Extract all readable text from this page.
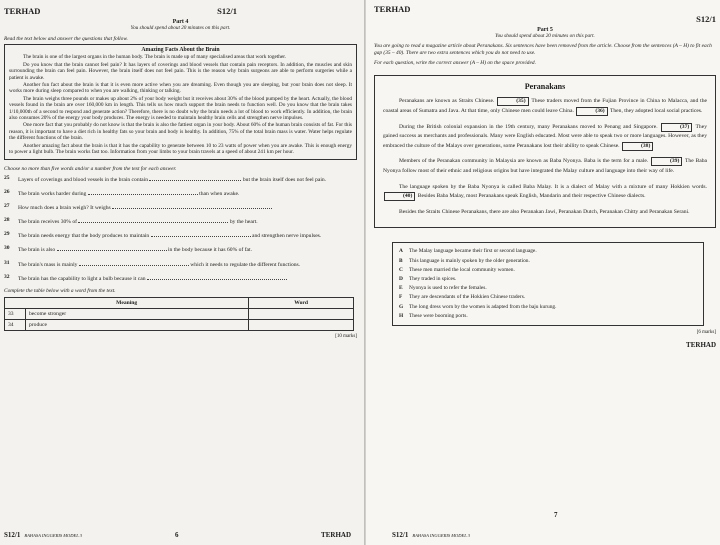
TERHAD	S12/1
Part 4
You should spend about 20 minutes on this part.
Read the text below and answer the questions that follow.
Amazing Facts About the Brain

The brain is one of the largest organs in the human body. The brain is made up of many specialised areas that work together.

Do you know that the brain cannot feel pain? It has layers of coverings and blood vessels that contain pain receptors. In addition, the muscles and skin surrounding the brain can feel pain. However, the brain itself does not feel pain. This is the reason why brain surgeons are able to perform surgeries while a patient is awake.

Another fun fact about the brain is that it is even more active when you are dreaming. Even though you are sleeping, but your brain does not sleep. It works more during sleep compared to when you are walking, thinking or talking.

The brain weighs three pounds or makes up about 2% of your body weight but it receives about 30% of the blood pumped by the heart. Actually, the blood vessels found in the brain are over 160,000 km in length. This tells us how much support the brain needs to function well. Do you know that the brain takes 1/10,000th of a second to respond and generate action? Therefore, there is no doubt why the brain needs a lot of blood to work efficiently. In addition, the brain also consumes 20% of the energy your body produces. The energy is needed to maintain healthy brain cells and strengthen nerve impulses.

One more fact that you probably do not know is that the brain is also the fattiest organ in your body. About 60% of the human brain consists of fat. For this reason, it is important to have a diet rich in healthy fats so your brain and body is healthy. In addition, 75% of the total brain mass is water. Water helps regulate the different functions of the brain.

Another amazing fact about the brain is that it has the capability to generate between 10 to 23 watts of power when you are awake. This is enough energy to power a light bulb. The brain works fast too. Information from your limbs to your brain travels at a speed of about 241 km per hour.

Choose no more than five words and/or a number from the text for each answer.
25	Layers of coverings and blood vessels in the brain contain	but the brain itself does not feel pain.
26	The brain works harder during	than when awake.
27	How much does a brain weigh? It weighs
28	The brain receives 30% of	by the heart.
29	The brain needs energy that the body produces to maintain	and strengthen nerve impulses.
30	The brain is also	in the body because it has 60% of fat.
31	The brain's mass is mainly	which it needs to regulate the different functions.
32	The brain has the capability to light a bulb because it can
Complete the table below with a word from the text.
Meaning		Word
33	become stronger	
34	produce	
[10 marks]
S12/1 BAHASA INGGERIS MODEL 3	6	TERHAD
TERHAD
S12/1
Part 5
You should spend about 20 minutes on this part.
You are going to read a magazine article about Peranakans. Six sentences have been removed from the article. Choose from the sentences (A – H) to fit each gap (35 – 40). There are two extra sentences which you do not need to use.
For each question, write the correct answer (A – H) on the space provided.
Peranakans

Peranakans are known as Straits Chinese.	(35) These traders moved from the Fujian Province in China to Malacca, and the coastal areas of Sumatra and Java. At that time, only Chinese men could leave China.	(36) Then, they adopted local social practices.

During the British colonial expansion in the 19th century, many Peranakans moved to Penang and Singapore.	(37) They gained success as merchants and professionals. Many were English educated. Most were able to speak two or more languages. However, as they embraced the culture of the Malays over generations, some Peranakans lost their ability to speak Chinese.	(38)

Members of the Peranakan community in Malaysia are known as Baba Nyonya. Baba is the term for a male.	(39) The Baba Nyonya follow most of their ethnic and religious origins but have integrated the Malay culture and language into their way of life.

The language spoken by the Baba Nyonya is called Baba Malay. It is a dialect of Malay with a mixture of many Hokkien words. (40) Besides Baba Malay, most Peranakans speak English, Mandarin and their respective Chinese dialects.

Besides the Straits Chinese Peranakans, there are also Peranakan Jawi, Peranakan Dutch, Peranakan Chitty and Peranakan Serani.

A	The Malay language became their first or second language.
B	This language is mainly spoken by the older generation.
C	These men married the local community women.
D	They traded in spices.
E	Nyonya is used to refer the females.
F	They are descendants of the Hokkien Chinese traders.
G	The long dress worn by the women is adapted from the baju kurung.
H	These were booming ports.
[6 marks]
TERHAD
S12/1 BAHASA INGGERIS MODEL 3
7
